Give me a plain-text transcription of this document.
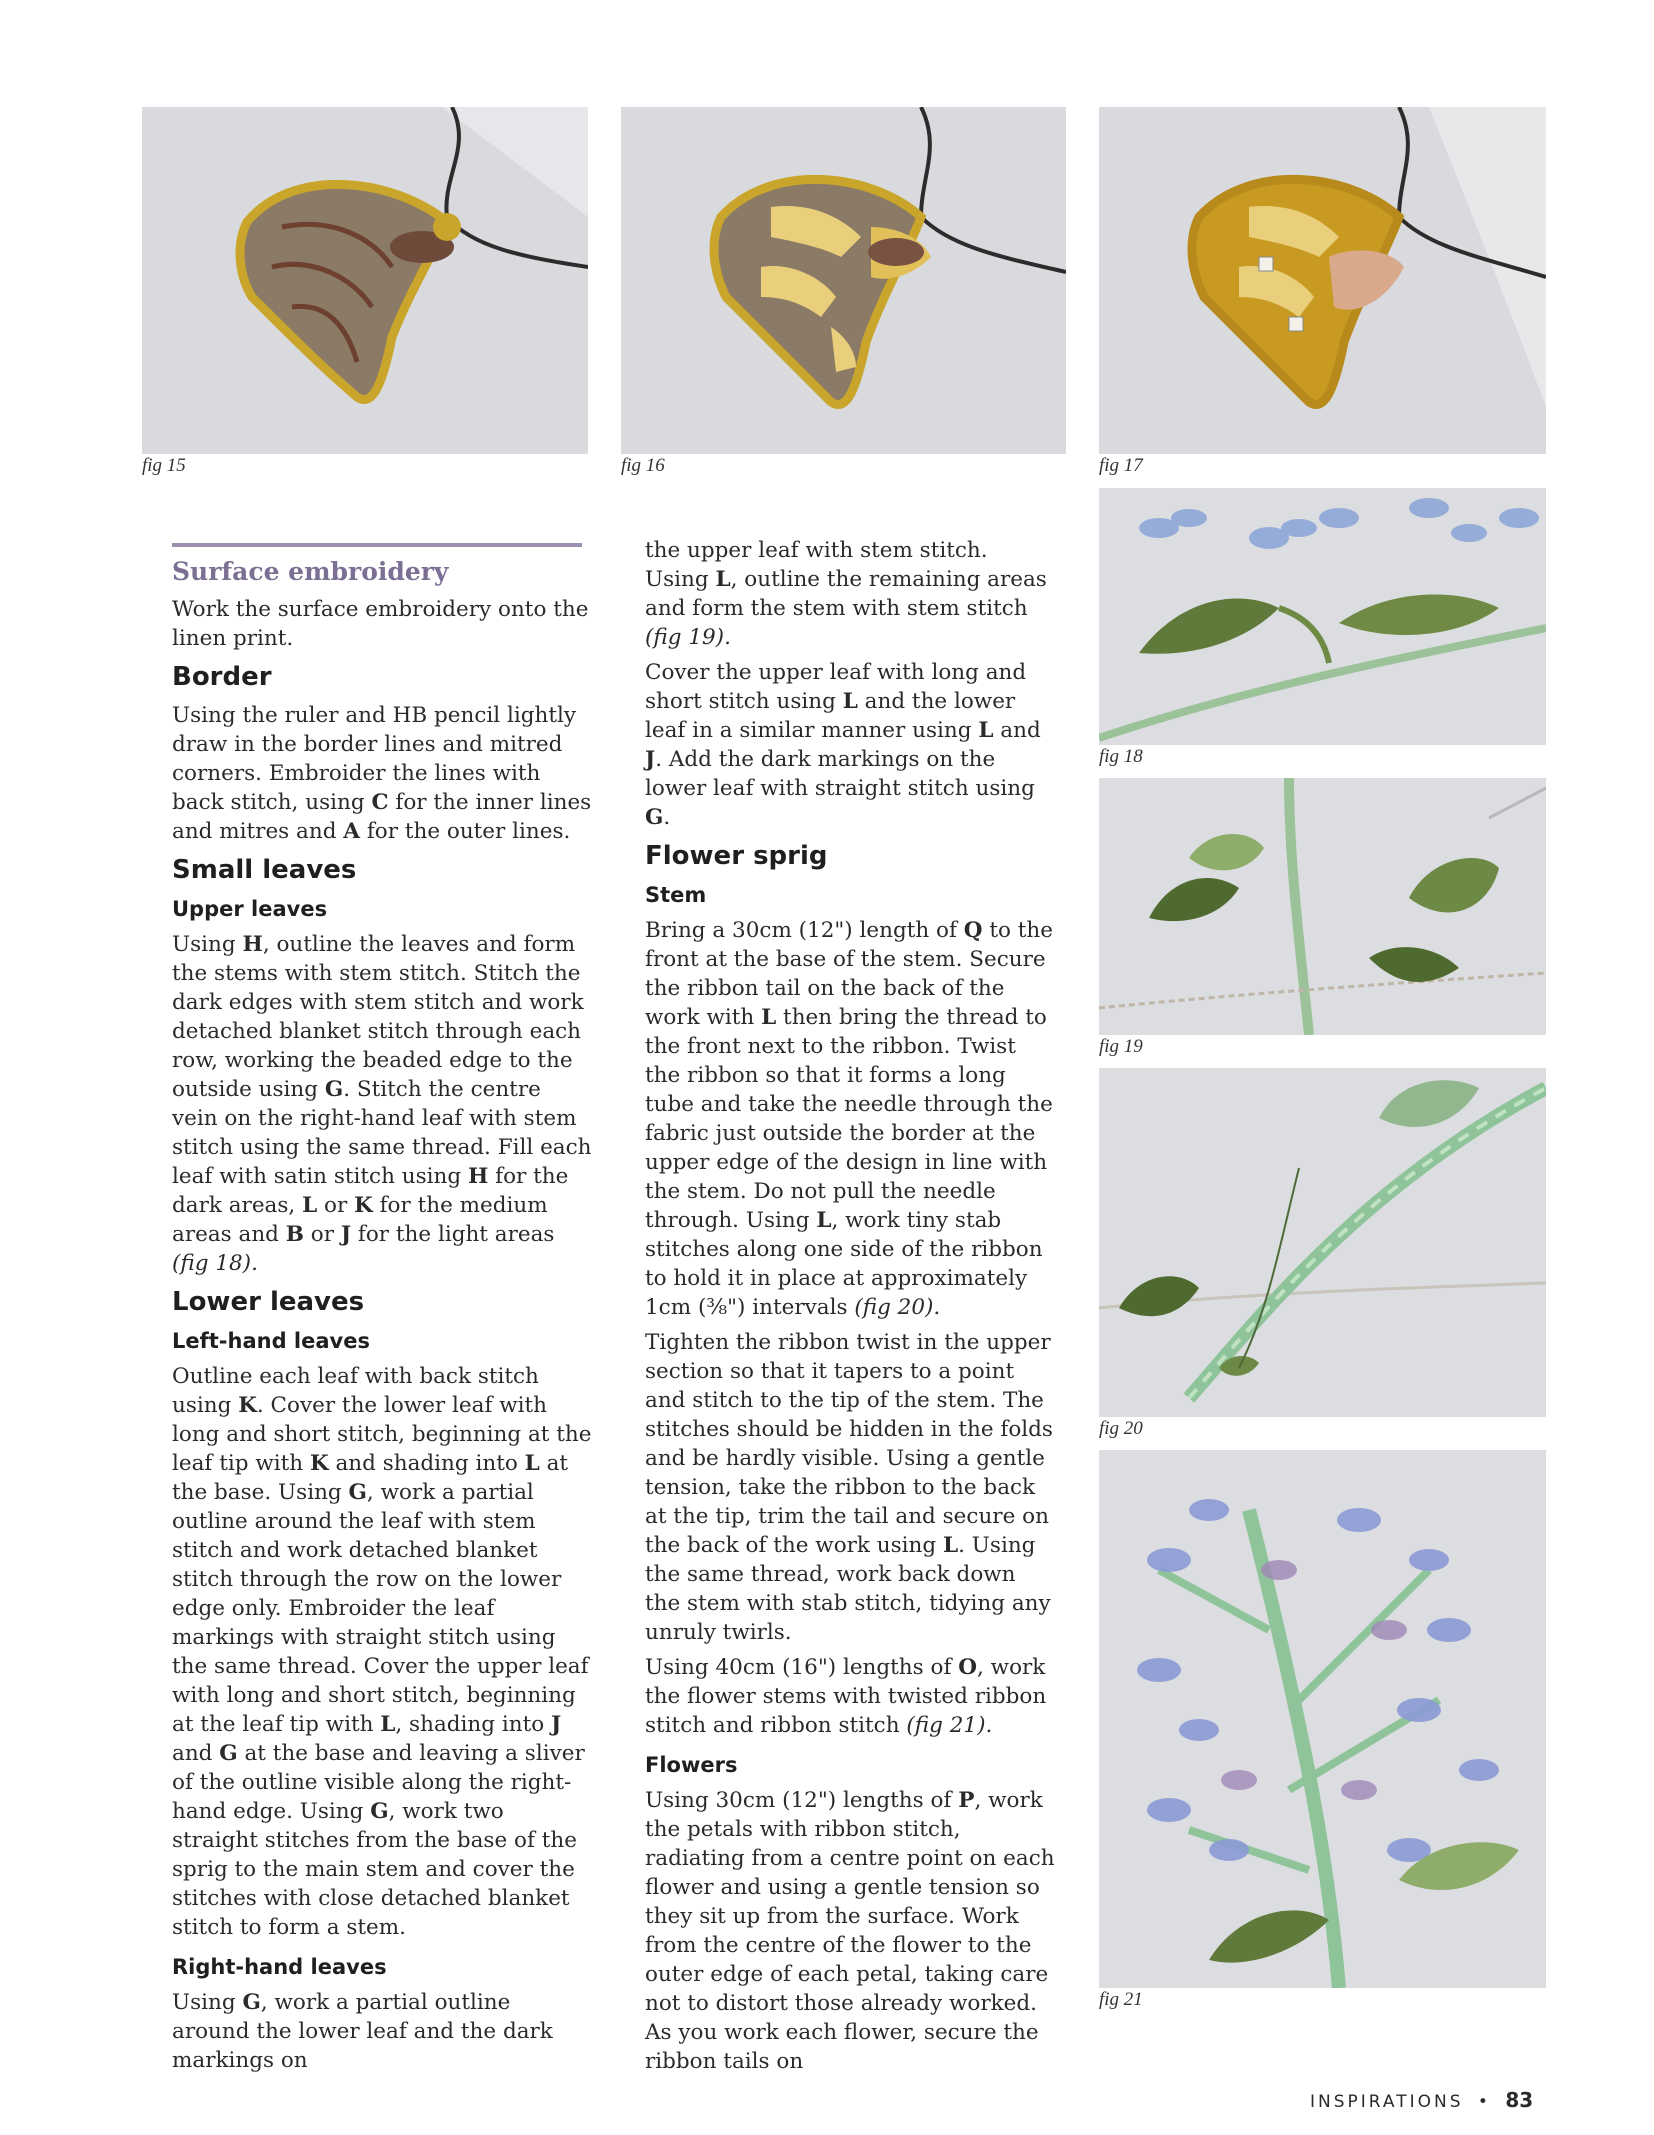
fig 15	fig 16	fig 17
fig 18
fig 19
fig 20
fig 21
Surface embroidery

Work the surface embroidery onto the linen print.

Border

Using the ruler and HB pencil lightly draw in the border lines and mitred corners. Embroider the lines with back stitch, using C for the inner lines and mitres and A for the outer lines.

Small leaves
Upper leaves

Using H, outline the leaves and form the stems with stem stitch. Stitch the dark edges with stem stitch and work detached blanket stitch through each row, working the beaded edge to the outside using G. Stitch the centre vein on the right-hand leaf with stem stitch using the same thread. Fill each leaf with satin stitch using H for the dark areas, L or K for the medium areas and B or J for the light areas (fig 18).

Lower leaves
Left-hand leaves

Outline each leaf with back stitch using K. Cover the lower leaf with long and short stitch, beginning at the leaf tip with K and shading into L at the base. Using G, work a partial outline around the leaf with stem stitch and work detached blanket stitch through the row on the lower edge only. Embroider the leaf markings with straight stitch using the same thread. Cover the upper leaf with long and short stitch, beginning at the leaf tip with L, shading into J and G at the base and leaving a sliver of the outline visible along the right-hand edge. Using G, work two straight stitches from the base of the sprig to the main stem and cover the stitches with close detached blanket stitch to form a stem.

Right-hand leaves

Using G, work a partial outline around the lower leaf and the dark markings on

the upper leaf with stem stitch. Using L, outline the remaining areas and form the stem with stem stitch (fig 19).

Cover the upper leaf with long and short stitch using L and the lower leaf in a similar manner using L and J. Add the dark markings on the lower leaf with straight stitch using G.

Flower sprig
Stem

Bring a 30cm (12") length of Q to the front at the base of the stem. Secure the ribbon tail on the back of the work with L then bring the thread to the front next to the ribbon. Twist the ribbon so that it forms a long tube and take the needle through the fabric just outside the border at the upper edge of the design in line with the stem. Do not pull the needle through. Using L, work tiny stab stitches along one side of the ribbon to hold it in place at approximately 1cm (³⁄₈") intervals (fig 20).

Tighten the ribbon twist in the upper section so that it tapers to a point and stitch to the tip of the stem. The stitches should be hidden in the folds and be hardly visible. Using a gentle tension, take the ribbon to the back at the tip, trim the tail and secure on the back of the work using L. Using the same thread, work back down the stem with stab stitch, tidying any unruly twirls.

Using 40cm (16") lengths of O, work the flower stems with twisted ribbon stitch and ribbon stitch (fig 21).

Flowers

Using 30cm (12") lengths of P, work the petals with ribbon stitch, radiating from a centre point on each flower and using a gentle tension so they sit up from the surface. Work from the centre of the flower to the outer edge of each petal, taking care not to distort those already worked. As you work each flower, secure the ribbon tails on

INSPIRATIONS • 83
